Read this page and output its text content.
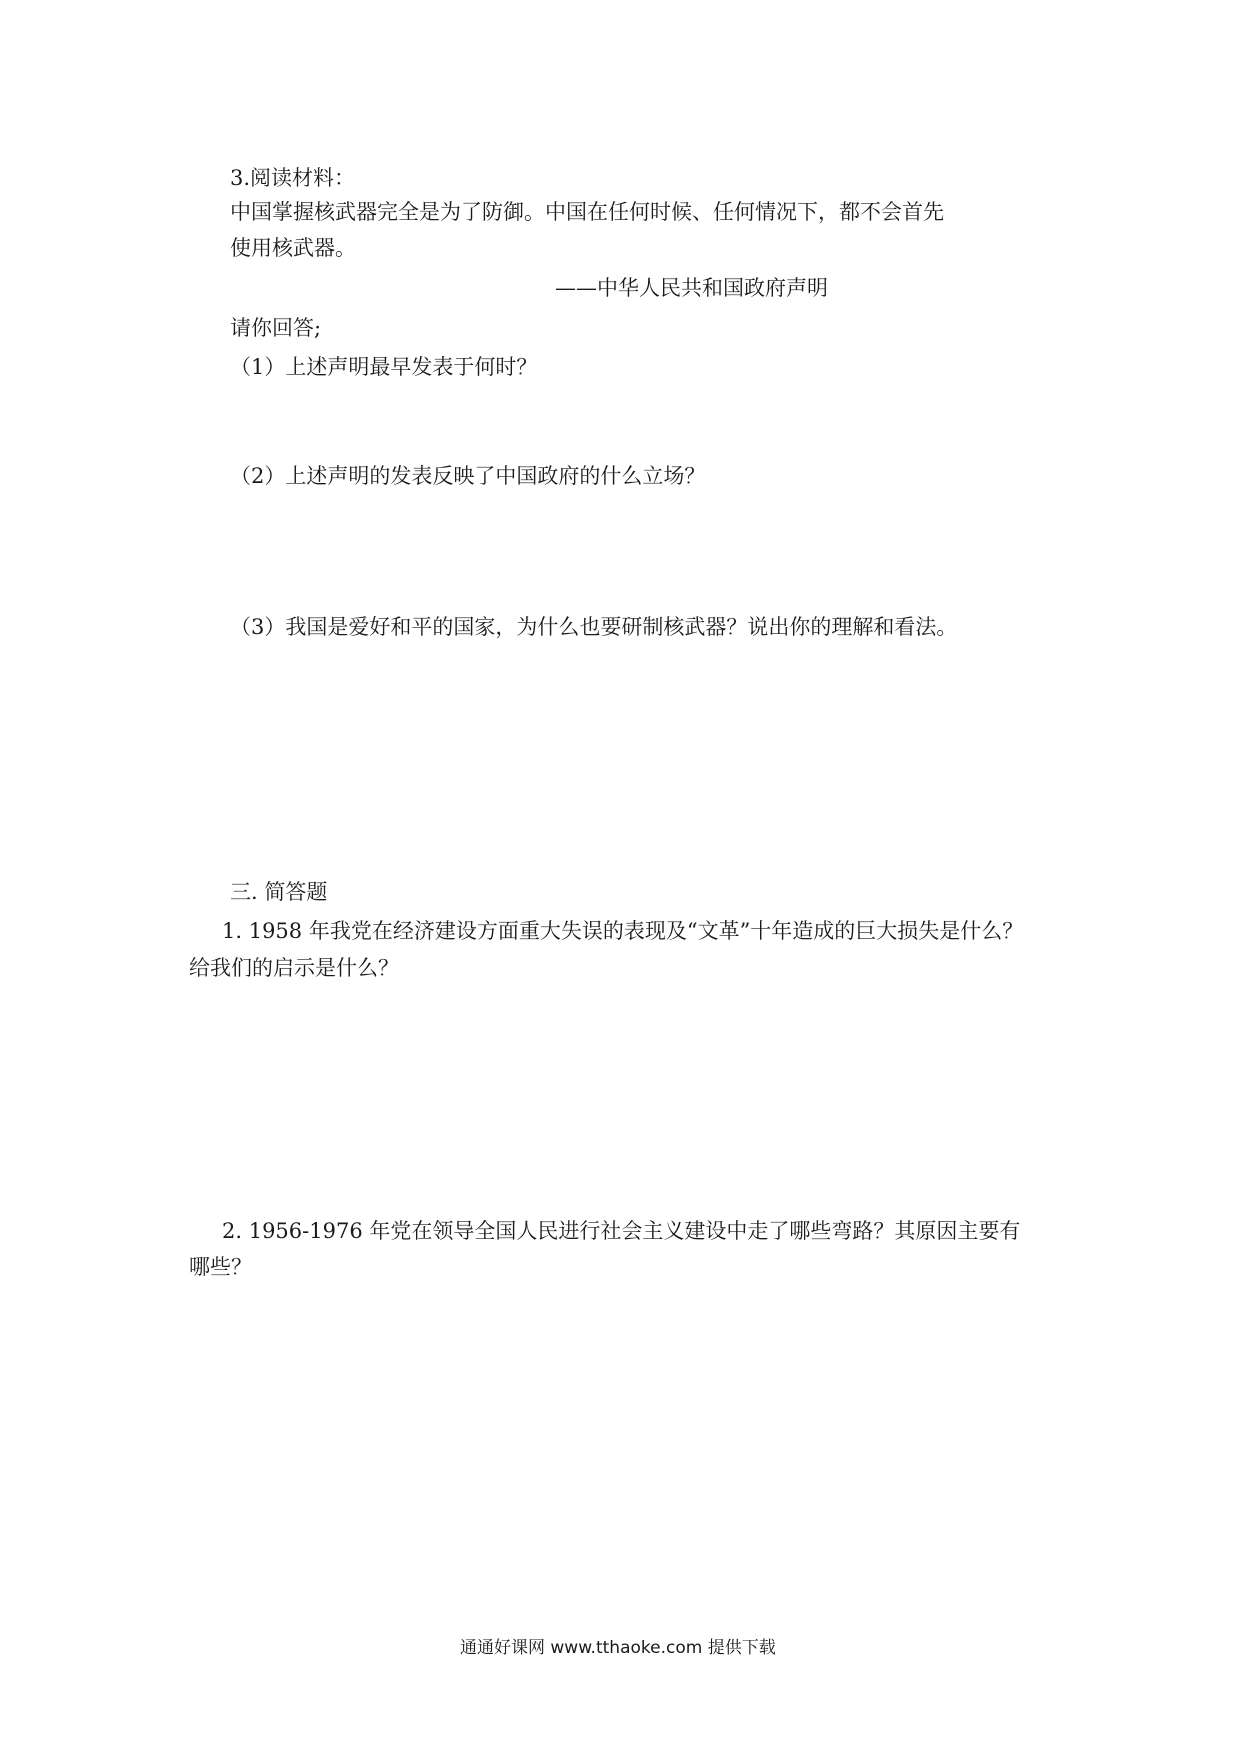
3.阅读材料：
中国掌握核武器完全是为了防御。中国在任何时候、任何情况下，都不会首先
使用核武器。
——中华人民共和国政府声明
请你回答;
（1）上述声明最早发表于何时？
（2）上述声明的发表反映了中国政府的什么立场？
（3）我国是爱好和平的国家，为什么也要研制核武器？说出你的理解和看法。
三. 简答题
1. 1958 年我党在经济建设方面重大失误的表现及“文革”十年造成的巨大损失是什么？
给我们的启示是什么？
2. 1956-1976 年党在领导全国人民进行社会主义建设中走了哪些弯路？其原因主要有
哪些？
通通好课网 www.tthaoke.com 提供下载
